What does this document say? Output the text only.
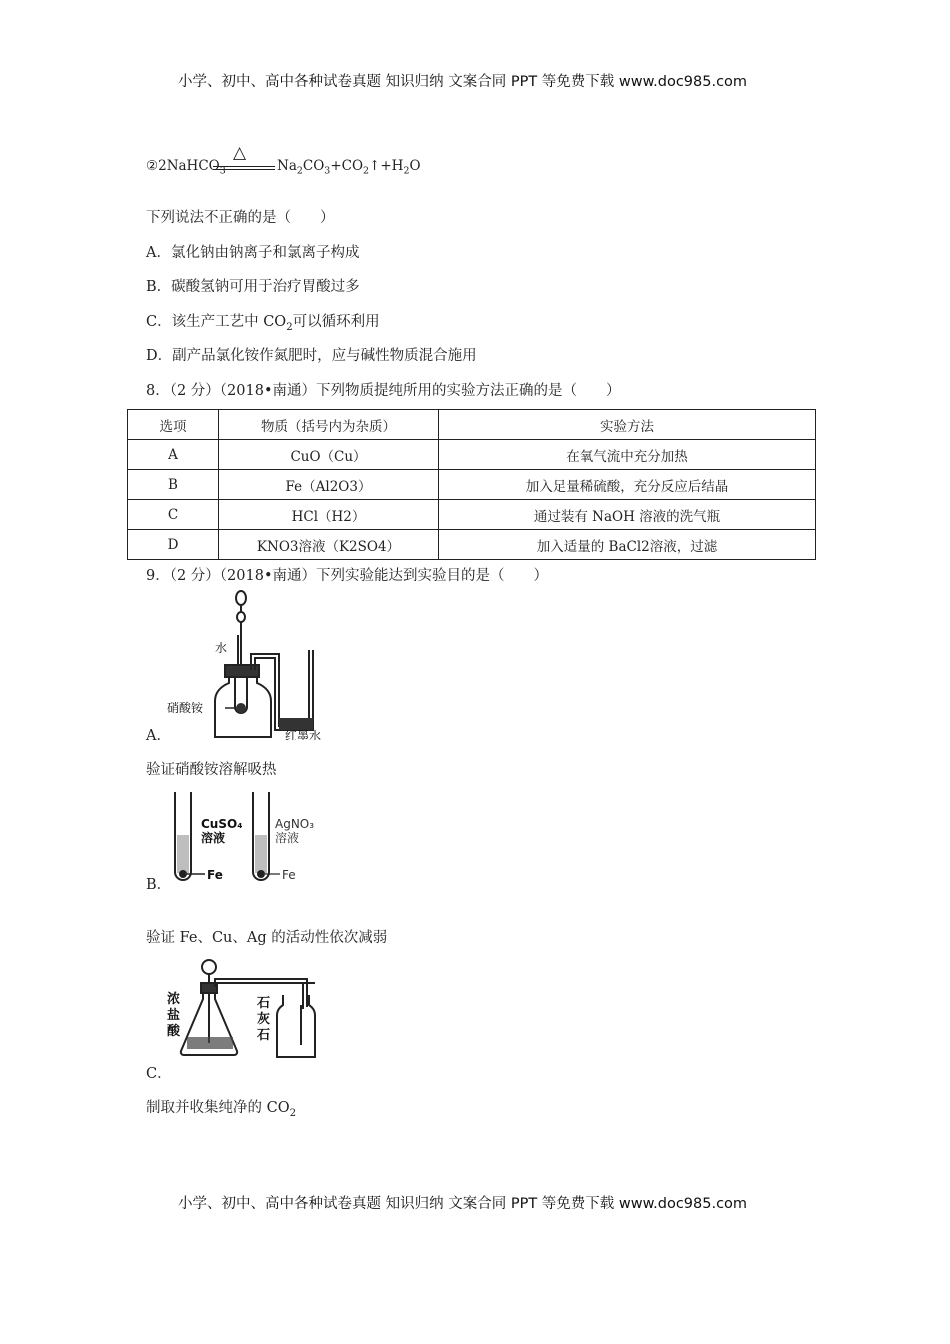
小学、初中、高中各种试卷真题 知识归纳 文案合同 PPT 等免费下载 www.doc985.com
②2NaHCO$_3$
△
$Na_2CO_3+CO_2↑+H_2O$
下列说法不正确的是（　　）
A．氯化钠由钠离子和氯离子构成
B．碳酸氢钠可用于治疗胃酸过多
C．该生产工艺中 $CO_2$可以循环利用
D．副产品氯化铵作氮肥时，应与碱性物质混合施用
8．（2 分）（2018•南通）下列物质提纯所用的实验方法正确的是（　　）
选项	物质（括号内为杂质）	实验方法
A	CuO（Cu）	在氧气流中充分加热
B	Fe（Al2O3）	加入足量稀硫酸，充分反应后结晶
C	HCl（H2）	通过装有 NaOH 溶液的洗气瓶
D	KNO3溶液（K2SO4）	加入适量的 BaCl2溶液，过滤
9．（2 分）（2018•南通）下列实验能达到实验目的是（　　）
水
硝酸铵
红墨水
A．
验证硝酸铵溶解吸热
CuSO₄
溶液
Fe
AgNO₃
溶液
Fe
B．
验证 Fe、Cu、Ag 的活动性依次减弱
浓
盐
酸
石
灰
石
C．
制取并收集纯净的 $CO_2$
小学、初中、高中各种试卷真题 知识归纳 文案合同 PPT 等免费下载 www.doc985.com
